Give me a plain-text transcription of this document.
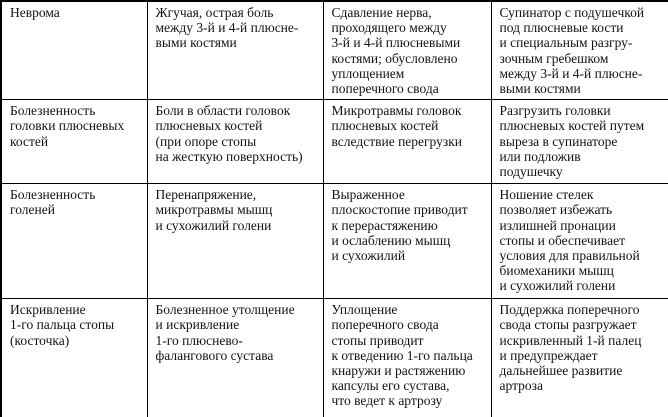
Неврома	Жгучая, острая боль
между 3-й и 4-й плюсне-
выми костями	Сдавление нерва,
проходящего между
3-й и 4-й плюсневыми
костями; обусловлено
уплощением
поперечного свода	Супинатор с подушечкой
под плюсневые кости
и специальным разгру-
зочным гребешком
между 3-й и 4-й плюсне-
выми костями
Болезненность
головки плюсневых
костей	Боли в области головок
плюсневых костей
(при опоре стопы
на жесткую поверхность)	Микротравмы головок
плюсневых костей
вследствие перегрузки	Разгрузить головки
плюсневых костей путем
выреза в супинаторе
или подложив
подушечку
Болезненность
голеней	Перенапряжение,
микротравмы мышц
и сухожилий голени	Выраженное
плоскостопие приводит
к перерастяжению
и ослаблению мышц
и сухожилий	Ношение стелек
позволяет избежать
излишней пронации
стопы и обеспечивает
условия для правильной
биомеханики мышц
и сухожилий голени
Искривление
1-го пальца стопы
(косточка)	Болезненное утолщение
и искривление
1-го плюснево-
фалангового сустава	Уплощение
поперечного свода
стопы приводит
к отведению 1-го пальца
кнаружи и растяжению
капсулы его сустава,
что ведет к артрозу	Поддержка поперечного
свода стопы разгружает
искривленный 1-й палец
и предупреждает
дальнейшее развитие
артроза
